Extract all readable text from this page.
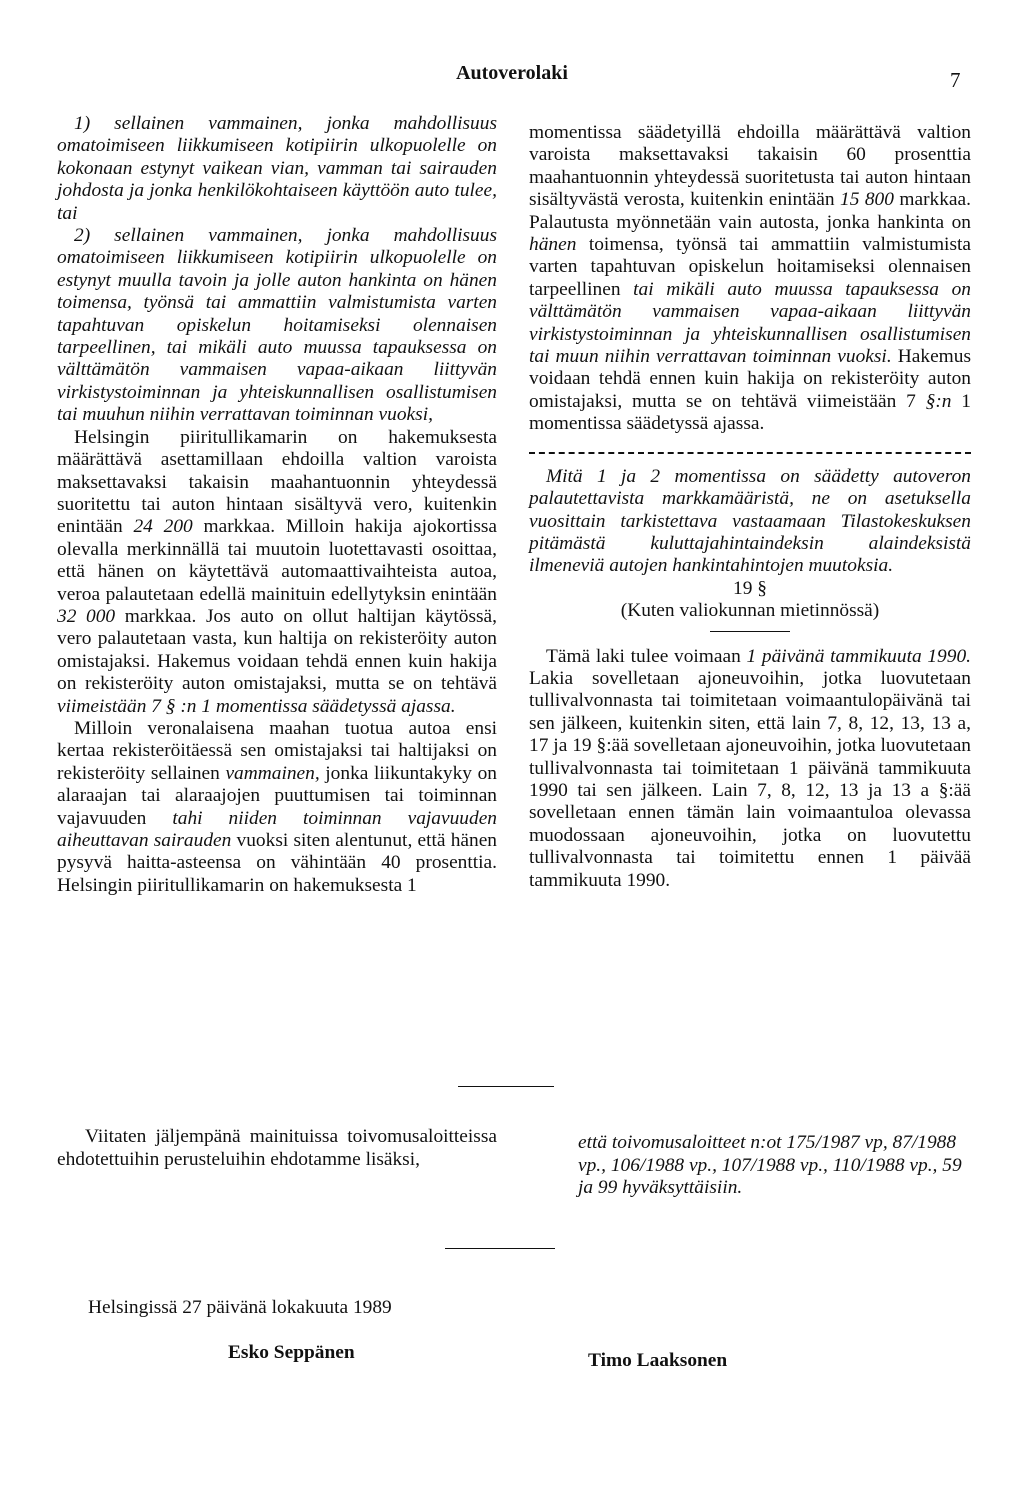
Autoverolaki	7

1) sellainen vammainen, jonka mahdollisuus omatoimiseen liikkumiseen kotipiirin ulkopuolelle on kokonaan estynyt vaikean vian, vamman tai sairauden johdosta ja jonka henkilökohtaiseen käyttöön auto tulee, tai

2) sellainen vammainen, jonka mahdollisuus omatoimiseen liikkumiseen kotipiirin ulkopuolelle on estynyt muulla tavoin ja jolle auton hankinta on hänen toimensa, työnsä tai ammattiin valmistumista varten tapahtuvan opiskelun hoitamiseksi olennaisen tarpeellinen, tai mikäli auto muussa tapauksessa on välttämätön vammaisen vapaa-aikaan liittyvän virkistystoiminnan ja yhteiskunnallisen osallistumisen tai muuhun niihin verrattavan toiminnan vuoksi,

Helsingin piiritullikamarin on hakemuksesta määrättävä asettamillaan ehdoilla valtion varoista maksettavaksi takaisin maahantuonnin yhteydessä suoritettu tai auton hintaan sisältyvä vero, kuitenkin enintään 24 200 markkaa. Milloin hakija ajokortissa olevalla merkinnällä tai muutoin luotettavasti osoittaa, että hänen on käytettävä automaattivaihteista autoa, veroa palautetaan edellä mainituin edellytyksin enintään 32 000 markkaa. Jos auto on ollut haltijan käytössä, vero palautetaan vasta, kun haltija on rekisteröity auton omistajaksi. Hakemus voidaan tehdä ennen kuin hakija on rekisteröity auton omistajaksi, mutta se on tehtävä viimeistään 7 § :n 1 momentissa säädetyssä ajassa.

Milloin veronalaisena maahan tuotua autoa ensi kertaa rekisteröitäessä sen omistajaksi tai haltijaksi on rekisteröity sellainen vammainen, jonka liikuntakyky on alaraajan tai alaraajojen puuttumisen tai toiminnan vajavuuden tahi niiden toiminnan vajavuuden aiheuttavan sairauden vuoksi siten alentunut, että hänen pysyvä haitta-asteensa on vähintään 40 prosenttia. Helsingin piiritullikamarin on hakemuksesta 1

momentissa säädetyillä ehdoilla määrättävä valtion varoista maksettavaksi takaisin 60 prosenttia maahantuonnin yhteydessä suoritetusta tai auton hintaan sisältyvästä verosta, kuitenkin enintään 15 800 markkaa. Palautusta myönnetään vain autosta, jonka hankinta on hänen toimensa, työnsä tai ammattiin valmistumista varten tapahtuvan opiskelun hoitamiseksi olennaisen tarpeellinen tai mikäli auto muussa tapauksessa on välttämätön vammaisen vapaa-aikaan liittyvän virkistystoiminnan ja yhteiskunnallisen osallistumisen tai muun niihin verrattavan toiminnan vuoksi. Hakemus voidaan tehdä ennen kuin hakija on rekisteröity auton omistajaksi, mutta se on tehtävä viimeistään 7 §:n 1 momentissa säädetyssä ajassa.

Mitä 1 ja 2 momentissa on säädetty autoveron palautettavista markkamääristä, ne on asetuksella vuosittain tarkistettava vastaamaan Tilastokeskuksen pitämästä kuluttajahintaindeksin alaindeksistä ilmeneviä autojen hankintahintojen muutoksia.

19 §

(Kuten valiokunnan mietinnössä)

Tämä laki tulee voimaan 1 päivänä tammikuuta 1990. Lakia sovelletaan ajoneuvoihin, jotka luovutetaan tullivalvonnasta tai toimitetaan voimaantulopäivänä tai sen jälkeen, kuitenkin siten, että lain 7, 8, 12, 13, 13 a, 17 ja 19 §:ää sovelletaan ajoneuvoihin, jotka luovutetaan tullivalvonnasta tai toimitetaan 1 päivänä tammikuuta 1990 tai sen jälkeen. Lain 7, 8, 12, 13 ja 13 a §:ää sovelletaan ennen tämän lain voimaantuloa olevassa muodossaan ajoneuvoihin, jotka on luovutettu tullivalvonnasta tai toimitettu ennen 1 päivää tammikuuta 1990.

Viitaten jäljempänä mainituissa toivomusaloitteissa ehdotettuihin perusteluihin ehdotamme lisäksi,
että toivomusaloitteet n:ot 175/1987 vp, 87/1988 vp., 106/1988 vp., 107/1988 vp., 110/1988 vp., 59 ja 99 hyväksyttäisiin.
Helsingissä 27 päivänä lokakuuta 1989
Esko Seppänen	Timo Laaksonen
